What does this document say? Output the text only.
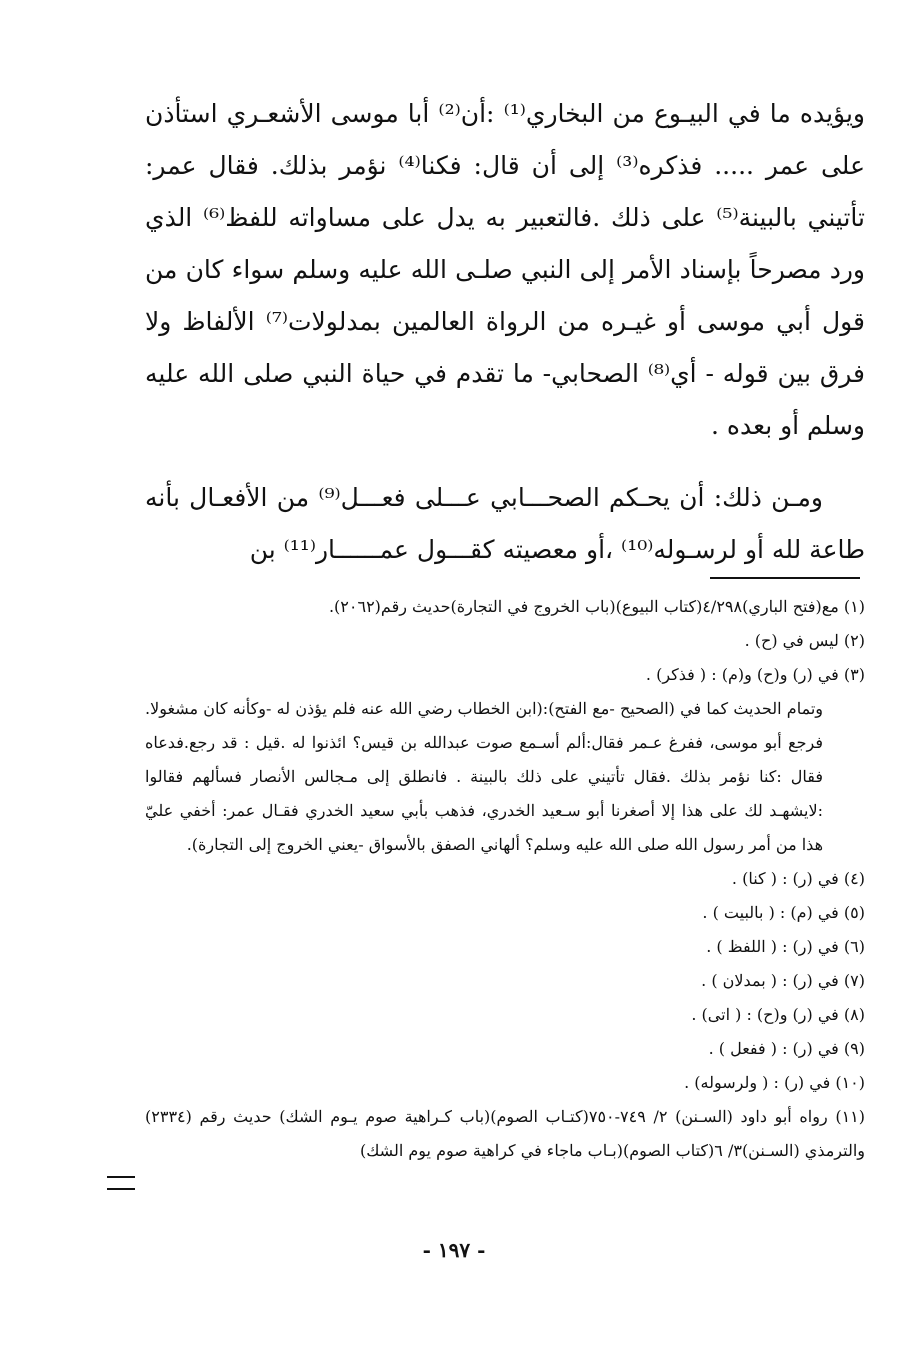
ويؤيده ما في البيـوع من البخاري⁽¹⁾ :أن⁽²⁾ أبا موسى الأشعـري استأذن على عمر ..... فذكره⁽³⁾ إلى أن قال: فكنا⁽⁴⁾ نؤمر بذلك. فقال عمر: تأتيني بالبينة⁽⁵⁾ على ذلك .فالتعبير به يدل على مساواته للفظ⁽⁶⁾ الذي ورد مصرحاً بإسناد الأمر إلى النبي صلـى الله عليه وسلم سواء كان من قول أبي موسى أو غيـره من الرواة العالمين بمدلولات⁽⁷⁾ الألفاظ ولا فرق بين قوله - أي⁽⁸⁾ الصحابي- ما تقدم في حياة النبي صلى الله عليه وسلم أو بعده .

ومـن ذلك: أن يحـكم الصحـــابي عـــلى فعـــل⁽⁹⁾ من الأفعـال بأنه طاعة لله أو لرسـوله⁽¹⁰⁾ ،أو معصيته كقـــول عمــــــار⁽¹¹⁾ بن

(١) مع(فتح الباري)٤/٢٩٨(كتاب البيوع)(باب الخروج في التجارة)حديث رقم(٢٠٦٢).

(٢) ليس في (ح) .

(٣) في (ر) و(ح) و(م) : ( فذكر) .

وتمام الحديث كما في (الصحيح -مع الفتح):(ابن الخطاب رضي الله عنه فلم يؤذن له -وكأنه كان مشغولا. فرجع أبو موسى، ففرغ عـمر فقال:ألم أسـمع صوت عبدالله بن قيس؟ ائذنوا له .قيل : قد رجع.فدعاه فقال :كنا نؤمر بذلك .فقال تأتيني على ذلك بالبينة . فانطلق إلى مـجالس الأنصار فسألهم فقالوا :لايشهـد لك على هذا إلا أصغرنا أبو سـعيد الخدري، فذهب بأبي سعيد الخدري فقـال عمر: أخفي عليّ هذا من أمر رسول الله صلى الله عليه وسلم؟ ألهاني الصفق بالأسواق -يعني الخروج إلى التجارة).

(٤) في (ر) : ( كنا) .

(٥) في (م) : ( بالبيت ) .

(٦) في (ر) : ( اللفظ ) .

(٧) في (ر) : ( بمدلان ) .

(٨) في (ر) و(ح) : ( اتى) .

(٩) في (ر) : ( ففعل ) .

(١٠) في (ر) : ( ولرسوله) .

(١١) رواه أبو داود (السـنن) ٢/ ٧٤٩-٧٥٠(كتـاب الصوم)(باب كـراهية صوم يـوم الشك) حديث رقم (٢٣٣٤) والترمذي (السـنن)٣/ ٦(كتاب الصوم)(بـاب ماجاء في كراهية صوم يوم الشك)

- ١٩٧ -
